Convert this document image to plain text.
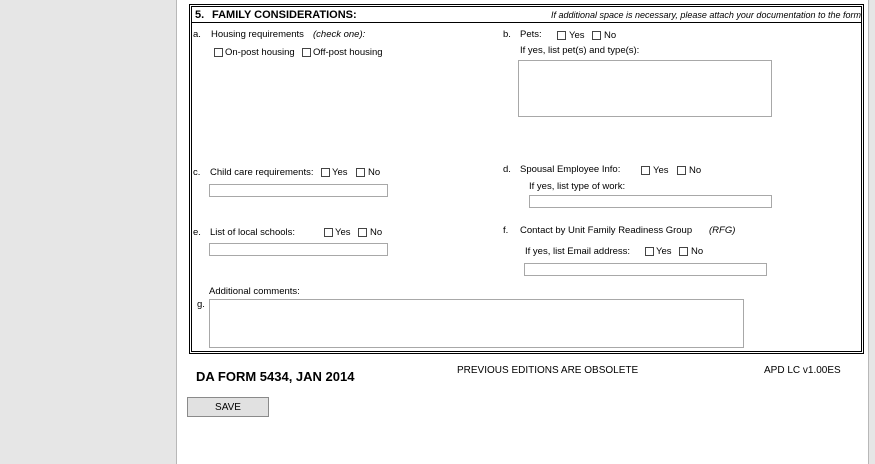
5. FAMILY CONSIDERATIONS:	If additional space is necessary, please attach your documentation to the form
a. Housing requirements (check one):
On-post housing Off-post housing
b. Pets:	Yes No
If yes, list pet(s) and type(s):
c. Child care requirements: Yes No	d. Spousal Employee Info:	Yes No
If yes, list type of work:
e. List of local schools:	Yes No	f. Contact by Unit Family Readiness Group (RFG)
If yes, list Email address:	Yes No
Additional comments:
g.
DA FORM 5434, JAN 2014	PREVIOUS EDITIONS ARE OBSOLETE	APD LC v1.00ES
SAVE
